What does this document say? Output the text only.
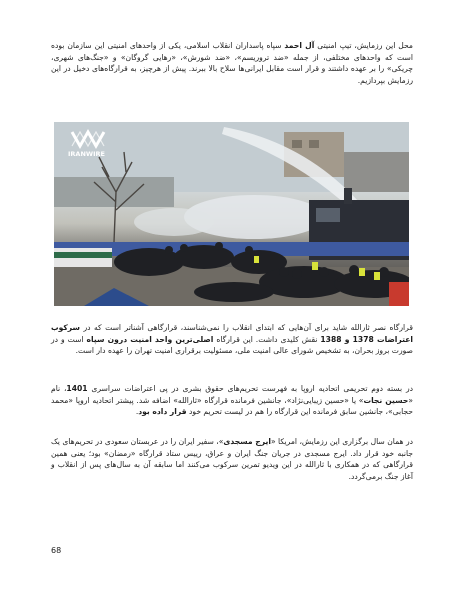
محل این رزمایش، تیپ امنیتی آل احمد سپاه پاسداران انقلاب اسلامی، یکی از واحدهای امنیتی این سازمان بوده است که واحدهای مختلفی، از جمله «ضد تروریسم»، «ضد شورش»، «رهایی گروگان» و «جنگ‌های شهری، چریکی» را بر عهده داشتند و قرار است مقابل ایرانی‌ها سلاح بالا ببرند. پیش از هرچیز، به قرارگاه‌های دخیل در این رزمایش بپردازیم.

IRANWIRE

قرارگاه نصر ثارالله شاید برای آن‌هایی که ابتدای انقلاب را نمی‌شناسند، قرارگاهی آشناتر است که در سرکوب اعتراضات 1378 و 1388 نقش کلیدی داشت. این قرارگاه اصلی‌ترین واحد امنیت درون سپاه است و در صورت بروز بحران، به تشخیص شورای عالی امنیت ملی، مسئولیت برقراری امنیت تهران را عهده دار است.

در بسته دوم تحریمی اتحادیه اروپا به فهرست تحریم‌های حقوق بشری در پی اعتراضات سراسری 1401، نام «حسین نجات» یا «حسین زیبایی‌نژاد»، جانشین فرمانده قرارگاه «ثارالله» اضافه شد. پیشتر اتحادیه اروپا «محمد حجابی»، جانشین سابق فرمانده این قرارگاه را هم در لیست تحریم خود قرار داده بود.

در همان سال برگزاری این رزمایش، امریکا «ایرج مسجدی»، سفیر ایران را در عربستان سعودی در تحریم‌های یک جانبه خود قرار داد. ایرج مسجدی در جریان جنگ ایران و عراق، رییس ستاد قرارگاه «رمضان» بود؛ یعنی همین قرارگاهی که در همکاری با ثارالله در این ویدیو تمرین سرکوب می‌کنند اما سابقه آن به سال‌های پس از انقلاب و آغاز جنگ برمی‌گردد.

68
